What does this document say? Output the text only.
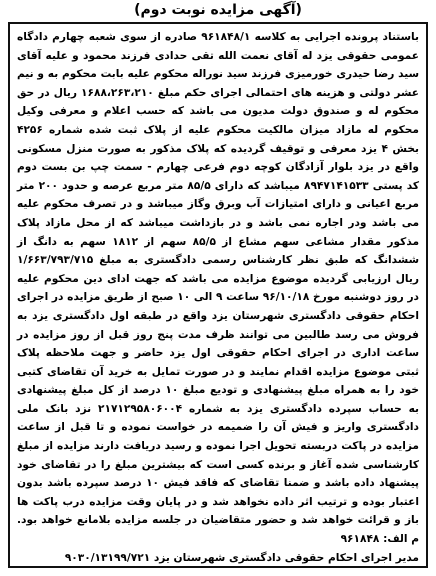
(آگهی مزایده نوبت دوم)

باستناد پرونده اجرایی به کلاسه ۹۶۱۸۴۸/۱ صادره از سوی شعبه چهارم دادگاه عمومی حقوقی یزد له آقای نعمت الله تقی حدادی فرزند محمود و علیه آقای سید رضا حیدری خورمیزی فرزند سید نوراله محکوم علیه بابت محکوم به و نیم عشر دولتی و هزینه های احتمالی اجرای حکم مبلغ ۱۶۸۸،۲۶۳،۲۱۰ ریال در حق محکوم له و صندوق دولت مدیون می باشد که حسب اعلام و معرفی وکیل محکوم له مازاد میزان مالکیت محکوم علیه از پلاک ثبت شده شماره ۴۲۵۶ بخش ۴ یزد معرفی و توقیف گردیده که پلاک مذکور به صورت منزل مسکونی واقع در یزد بلوار آزادگان کوچه دوم فرعی چهارم - سمت چپ بن بست دوم کد پستی ۸۹۴۷۱۴۱۵۳۳ میباشد که دارای ۸۵/۵ متر مربع عرصه و حدود ۲۰۰ متر مربع اعیانی و دارای امتیازات آب وبرق وگاز میباشد و در تصرف محکوم علیه می باشد ودر اجاره نمی باشد و در بازداشت میباشد که از محل مازاد پلاک مذکور مقدار مشاعی سهم مشاع از ۸۵/۵ سهم از ۱۸۱۲ سهم به دانگ از ششدانگ که طبق نظر کارشناس رسمی دادگستری به مبلغ ۱/۶۶۳/۷۹۳/۷۱۵ ریال ارزیابی گردیده موضوع مزایده می باشد که جهت ادای دین محکوم علیه در روز دوشنبه مورخ ۹۶/۱۰/۱۸ ساعت ۹ الی ۱۰ صبح از طریق مزایده در اجرای احکام حقوقی دادگستری شهرستان یزد واقع در طبقه اول دادگستری یزد به فروش می رسد طالبین می توانند ظرف مدت پنج روز قبل از روز مزایده در ساعت اداری در اجرای احکام حقوقی اول یزد حاضر و جهت ملاحظه پلاک ثبتی موضوع مزایده اقدام نمایند و در صورت تمایل به خرید آن تقاضای کتبی خود را به همراه مبلغ پیشنهادی و تودیع مبلغ ۱۰ درصد از کل مبلغ پیشنهادی به حساب سپرده دادگستری یزد به شماره ۲۱۷۱۲۹۵۸۰۶۰۰۴ نزد بانک ملی دادگستری واریز و فیش آن را ضمیمه در خواست نموده و تا قبل از ساعت مزایده در پاکت دربسته تحویل اجرا نموده و رسید دریافت دارند مزایده از مبلغ کارشناسی شده آغاز و برنده کسی است که بیشترین مبلغ را در تقاضای خود پیشنهاد داده باشد و ضمنا تقاضای که فاقد فیش ۱۰ درصد سپرده باشد بدون اعتبار بوده و ترتیب اثر داده نخواهد شد و در پایان وقت مزایده درب پاکت ها باز و قرائت خواهد شد و حضور متقاضیان در جلسه مزایده بلامانع خواهد بود. م الف: ۹۶۱۸۴۸

مدیر اجرای احکام حقوقی دادگستری شهرستان یزد ۹۰۳۰/۱۳۱۹۹/۷۲۱
